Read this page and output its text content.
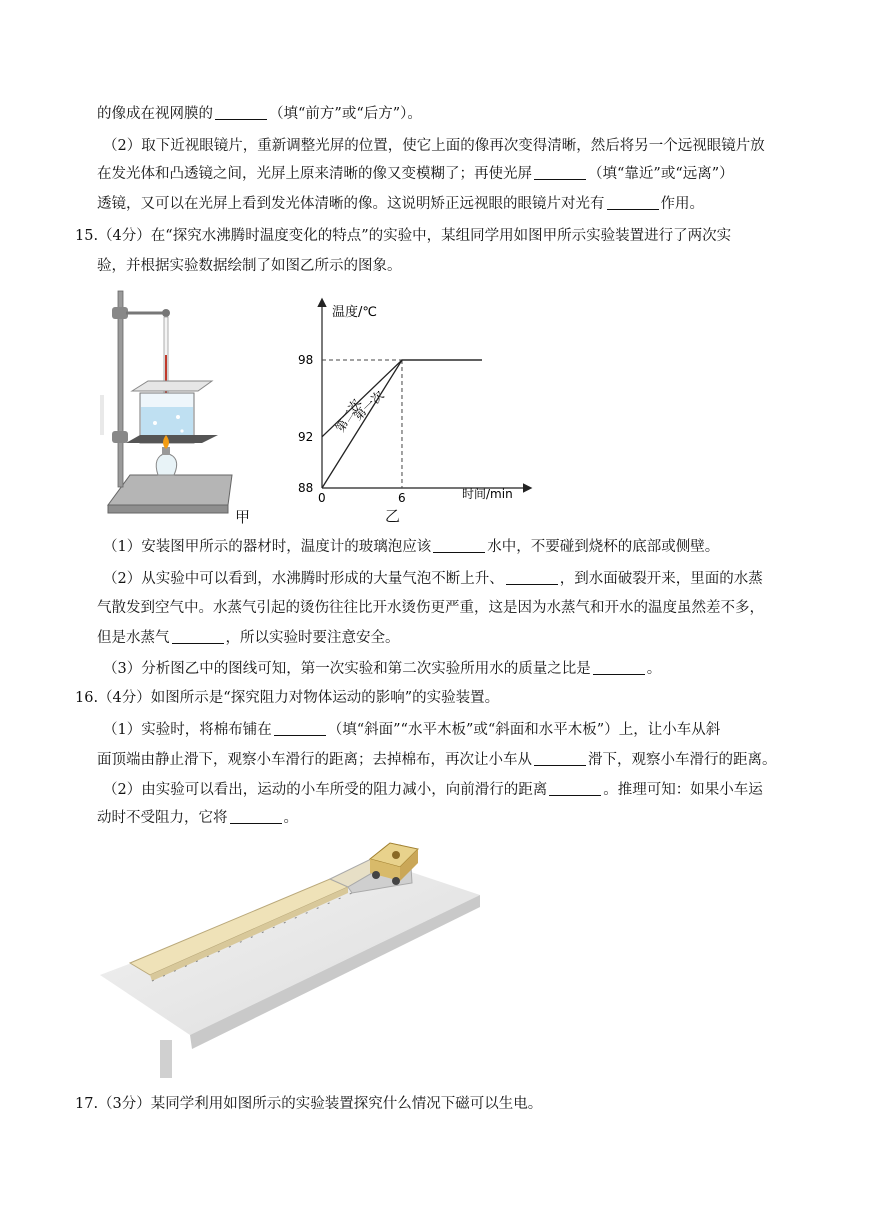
的像成在视网膜的	（填“前方”或“后方”）。
（2）取下近视眼镜片，重新调整光屏的位置，使它上面的像再次变得清晰，然后将另一个远视眼镜片放
在发光体和凸透镜之间，光屏上原来清晰的像又变模糊了；再使光屏	（填“靠近”或“远离”）
透镜，又可以在光屏上看到发光体清晰的像。这说明矫正远视眼的眼镜片对光有	作用。
15.（4分）在“探究水沸腾时温度变化的特点”的实验中，某组同学用如图甲所示实验装置进行了两次实
验，并根据实验数据绘制了如图乙所示的图象。
甲
温度/℃
时间/min
88
92
98
0	6
第一次
第二次
乙
（1）安装图甲所示的器材时，温度计的玻璃泡应该	水中，不要碰到烧杯的底部或侧壁。
（2）从实验中可以看到，水沸腾时形成的大量气泡不断上升、	，到水面破裂开来，里面的水蒸
气散发到空气中。水蒸气引起的烫伤往往比开水烫伤更严重，这是因为水蒸气和开水的温度虽然差不多，
但是水蒸气	，所以实验时要注意安全。
（3）分析图乙中的图线可知，第一次实验和第二次实验所用水的质量之比是	。
16.（4分）如图所示是“探究阻力对物体运动的影响”的实验装置。
（1）实验时，将棉布铺在	（填“斜面”“水平木板”或“斜面和水平木板”）上，让小车从斜
面顶端由静止滑下，观察小车滑行的距离；去掉棉布，再次让小车从	滑下，观察小车滑行的距离。
（2）由实验可以看出，运动的小车所受的阻力减小，向前滑行的距离	。推理可知：如果小车运
动时不受阻力，它将	。
17.（3分）某同学利用如图所示的实验装置探究什么情况下磁可以生电。
